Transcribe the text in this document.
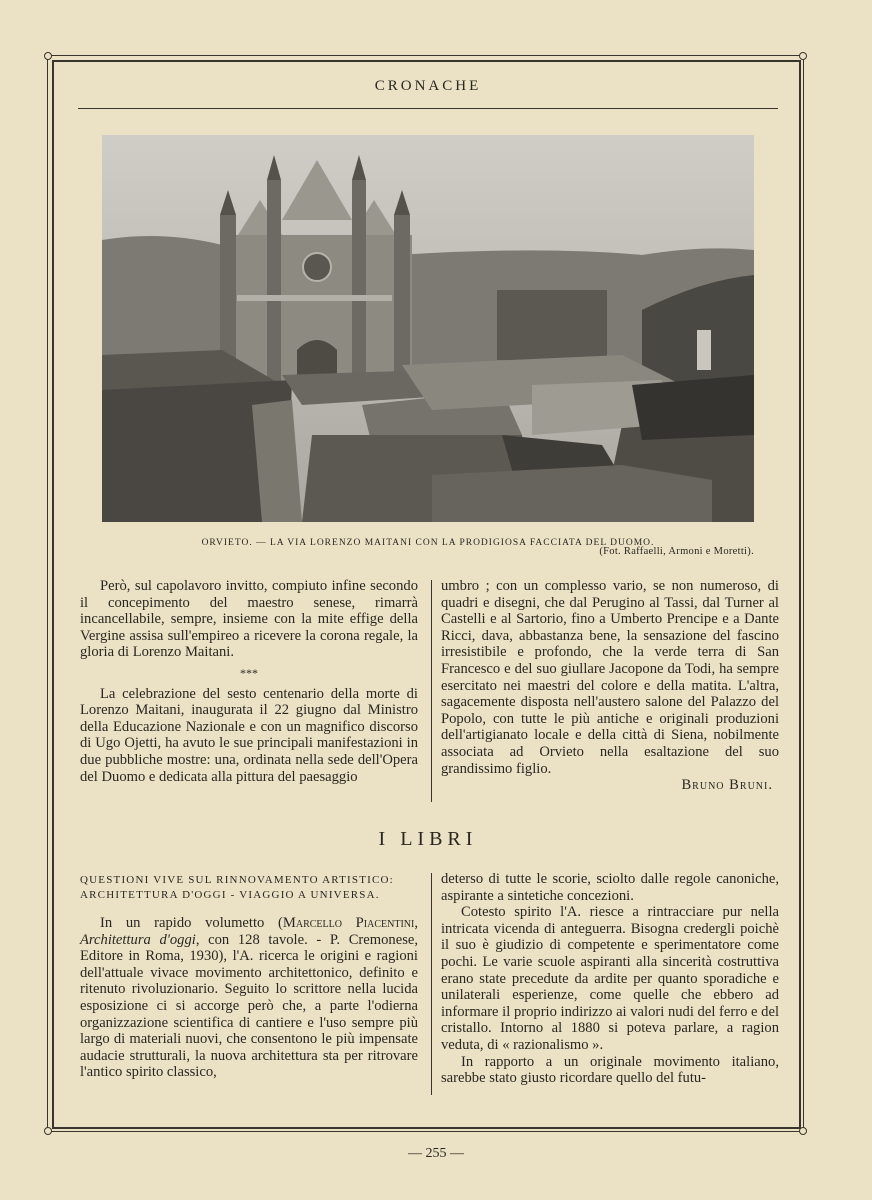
CRONACHE
ORVIETO. — LA VIA LORENZO MAITANI CON LA PRODIGIOSA FACCIATA DEL DUOMO.
(Fot. Raffaelli, Armoni e Moretti).

Però, sul capolavoro invitto, compiuto infine secondo il concepimento del maestro senese, rimarrà incancellabile, sempre, insieme con la mite effige della Vergine assisa sull'empireo a ricevere la corona regale, la gloria di Lorenzo Maitani.

***

La celebrazione del sesto centenario della morte di Lorenzo Maitani, inaugurata il 22 giugno dal Ministro della Educazione Nazionale e con un magnifico discorso di Ugo Ojetti, ha avuto le sue principali manifestazioni in due pubbliche mostre: una, ordinata nella sede dell'Opera del Duomo e dedicata alla pittura del paesaggio

umbro ; con un complesso vario, se non numeroso, di quadri e disegni, che dal Perugino al Tassi, dal Turner al Castelli e al Sartorio, fino a Umberto Prencipe e a Dante Ricci, dava, abbastanza bene, la sensazione del fascino irresistibile e profondo, che la verde terra di San Francesco e del suo giullare Jacopone da Todi, ha sempre esercitato nei maestri del colore e della matita. L'altra, sagacemente disposta nell'austero salone del Palazzo del Popolo, con tutte le più antiche e originali produzioni dell'artigianato locale e della città di Siena, nobilmente associata ad Orvieto nella esaltazione del suo grandissimo figlio.

Bruno Bruni.
I LIBRI
QUESTIONI VIVE SUL RINNOVAMENTO ARTISTICO: ARCHITETTURA D'OGGI - VIAGGIO A UNIVERSA.

In un rapido volumetto (Marcello Piacentini, Architettura d'oggi, con 128 tavole. - P. Cremonese, Editore in Roma, 1930), l'A. ricerca le origini e ragioni dell'attuale vivace movimento architettonico, definito e ritenuto rivoluzionario. Seguito lo scrittore nella lucida esposizione ci si accorge però che, a parte l'odierna organizzazione scientifica di cantiere e l'uso sempre più largo di materiali nuovi, che consentono le più impensate audacie strutturali, la nuova architettura sta per ritrovare l'antico spirito classico,

deterso di tutte le scorie, sciolto dalle regole canoniche, aspirante a sintetiche concezioni.

Cotesto spirito l'A. riesce a rintracciare pur nella intricata vicenda di anteguerra. Bisogna credergli poichè il suo è giudizio di competente e sperimentatore come pochi. Le varie scuole aspiranti alla sincerità costruttiva erano state precedute da ardite per quanto sporadiche e unilaterali esperienze, come quelle che ebbero ad informare il proprio indirizzo ai valori nudi del ferro e del cristallo. Intorno al 1880 si poteva parlare, a ragion veduta, di « razionalismo ».

In rapporto a un originale movimento italiano, sarebbe stato giusto ricordare quello del futu-

— 255 —
